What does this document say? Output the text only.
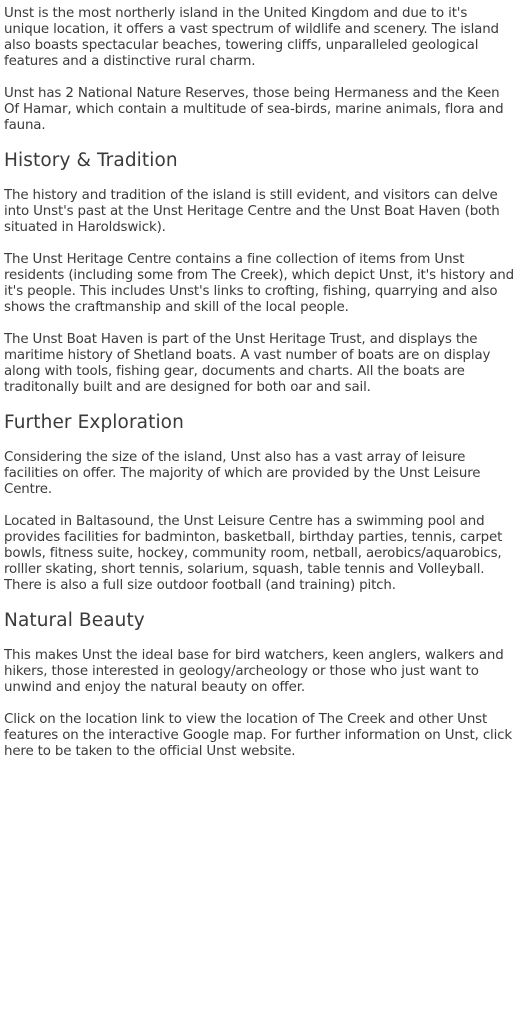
Unst is the most northerly island in the United Kingdom and due to it's unique location, it offers a vast spectrum of wildlife and scenery. The island also boasts spectacular beaches, towering cliffs, unparalleled geological features and a distinctive rural charm.

Unst has 2 National Nature Reserves, those being Hermaness and the Keen Of Hamar, which contain a multitude of sea-birds, marine animals, flora and fauna.

History & Tradition

The history and tradition of the island is still evident, and visitors can delve into Unst's past at the Unst Heritage Centre and the Unst Boat Haven (both situated in Haroldswick).

The Unst Heritage Centre contains a fine collection of items from Unst residents (including some from The Creek), which depict Unst, it's history and it's people. This includes Unst's links to crofting, fishing, quarrying and also shows the craftmanship and skill of the local people.

The Unst Boat Haven is part of the Unst Heritage Trust, and displays the maritime history of Shetland boats. A vast number of boats are on display along with tools, fishing gear, documents and charts. All the boats are traditonally built and are designed for both oar and sail.

Further Exploration

Considering the size of the island, Unst also has a vast array of leisure facilities on offer. The majority of which are provided by the Unst Leisure Centre.

Located in Baltasound, the Unst Leisure Centre has a swimming pool and provides facilities for badminton, basketball, birthday parties, tennis, carpet bowls, fitness suite, hockey, community room, netball, aerobics/aquarobics, rolller skating, short tennis, solarium, squash, table tennis and Volleyball. There is also a full size outdoor football (and training) pitch.

Natural Beauty

This makes Unst the ideal base for bird watchers, keen anglers, walkers and hikers, those interested in geology/archeology or those who just want to unwind and enjoy the natural beauty on offer.

Click on the location link to view the location of The Creek and other Unst features on the interactive Google map. For further information on Unst, click here to be taken to the official Unst website.
